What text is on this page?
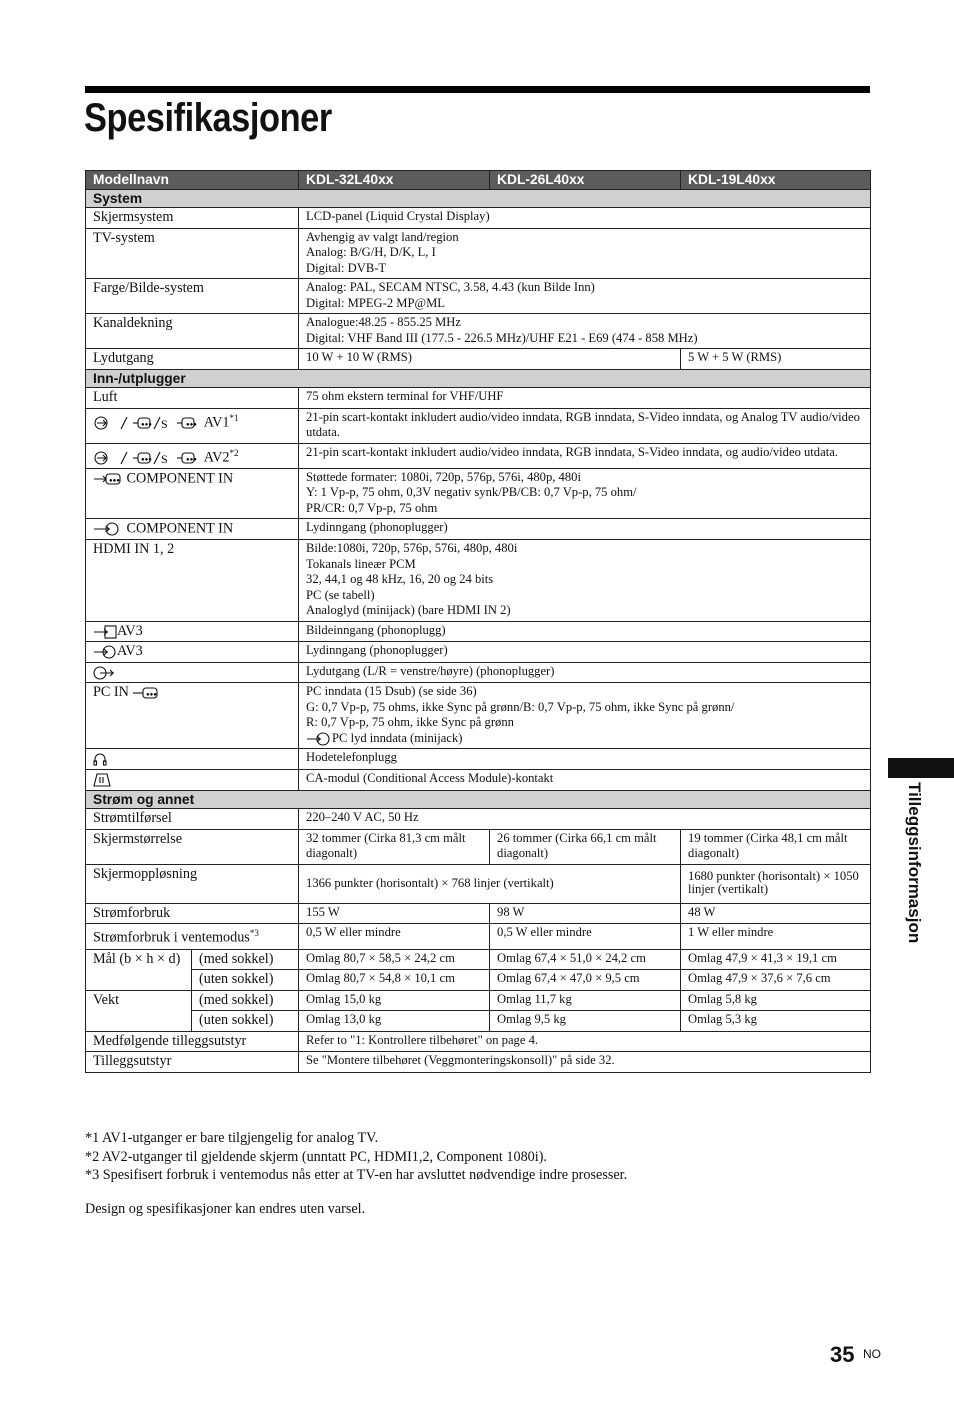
Spesifikasjoner
Modellnavn		KDL-32L40xx	KDL-26L40xx	KDL-19L40xx
System				
Skjermsystem		LCD-panel (Liquid Crystal Display)		
TV-system		Avhengig av valgt land/region
Analog: B/G/H, D/K, L, I
Digital: DVB-T		
Farge/Bilde-system		Analog: PAL, SECAM NTSC, 3.58, 4.43 (kun Bilde Inn)
Digital: MPEG-2 MP@ML		
Kanaldekning		Analogue:48.25 - 855.25 MHz
Digital: VHF Band III (177.5 - 226.5 MHz)/UHF E21 - E69 (474 - 858 MHz)		
Lydutgang		10 W + 10 W (RMS)		5 W + 5 W (RMS)
Inn-/utplugger				
Luft		75 ohm ekstern terminal for VHF/UHF		

S ●●●
●●● AV1$^{*1}$		21-pin scart-kontakt inkludert audio/video inndata, RGB inndata, S-Video inndata, og Analog TV audio/video utdata.		

S ●●●
●●● AV2$^{*2}$		21-pin scart-kontakt inkludert audio/video inndata, RGB inndata, S-Video inndata, og audio/video utdata.		

●●● COMPONENT IN		Støttede formater: 1080i, 720p, 576p, 576i, 480p, 480i
Y: 1 Vp-p, 75 ohm, 0,3V negativ synk/PB/CB: 0,7 Vp-p, 75 ohm/
PR/CR: 0,7 Vp-p, 75 ohm		
COMPONENT IN		Lydinngang (phonoplugger)		
HDMI IN 1, 2		Bilde:1080i, 720p, 576p, 576i, 480p, 480i
Tokanals lineær PCM
32, 44,1 og 48 kHz, 16, 20 og 24 bits
PC (se tabell)
Analoglyd (minijack) (bare HDMI IN 2)		
AV3		Bildeinngang (phonoplugg)		
AV3		Lydinngang (phonoplugger)		
	Lydutgang (L/R = venstre/høyre) (phonoplugger)		
PC IN ●●●		PC inndata (15 Dsub) (se side 36)
G: 0,7 Vp-p, 75 ohms, ikke Sync på grønn/B: 0,7 Vp-p, 75 ohm, ikke Sync på grønn/
R: 0,7 Vp-p, 75 ohm, ikke Sync på grønn
PC lyd inndata (minijack)		
	Hodetelefonplugg		
	CA-modul (Conditional Access Module)-kontakt		
Strøm og annet				
Strømtilførsel		220–240 V AC, 50 Hz		
Skjermstørrelse		32 tommer (Cirka 81,3 cm målt diagonalt)	26 tommer (Cirka 66,1 cm målt diagonalt)	19 tommer (Cirka 48,1 cm målt diagonalt)
Skjermoppløsning		1366 punkter (horisontalt) × 768 linjer (vertikalt)		1680 punkter (horisontalt) × 1050 linjer (vertikalt)
Strømforbruk		155 W	98 W	48 W
Strømforbruk i ventemodus$^{*3}$		0,5 W eller mindre	0,5 W eller mindre	1 W eller mindre
Mål (b × h × d)	(med sokkel)	Omlag 80,7 × 58,5 × 24,2 cm	Omlag 67,4 × 51,0 × 24,2 cm	Omlag 47,9 × 41,3 × 19,1 cm
	(uten sokkel)	Omlag 80,7 × 54,8 × 10,1 cm	Omlag 67,4 × 47,0 × 9,5 cm	Omlag 47,9 × 37,6 × 7,6 cm
Vekt	(med sokkel)	Omlag 15,0 kg	Omlag 11,7 kg	Omlag 5,8 kg
	(uten sokkel)	Omlag 13,0 kg	Omlag 9,5 kg	Omlag 5,3 kg
Medfølgende tilleggsutstyr		Refer to "1: Kontrollere tilbehøret" on page 4.		
Tilleggsutstyr		Se "Montere tilbehøret (Veggmonteringskonsoll)" på side 32.		
*1 AV1-utganger er bare tilgjengelig for analog TV.
*2 AV2-utganger til gjeldende skjerm (unntatt PC, HDMI1,2, Component 1080i).
*3 Spesifisert forbruk i ventemodus nås etter at TV-en har avsluttet nødvendige indre prosesser.
Design og spesifikasjoner kan endres uten varsel.
Tilleggsinformasjon
35 NO
